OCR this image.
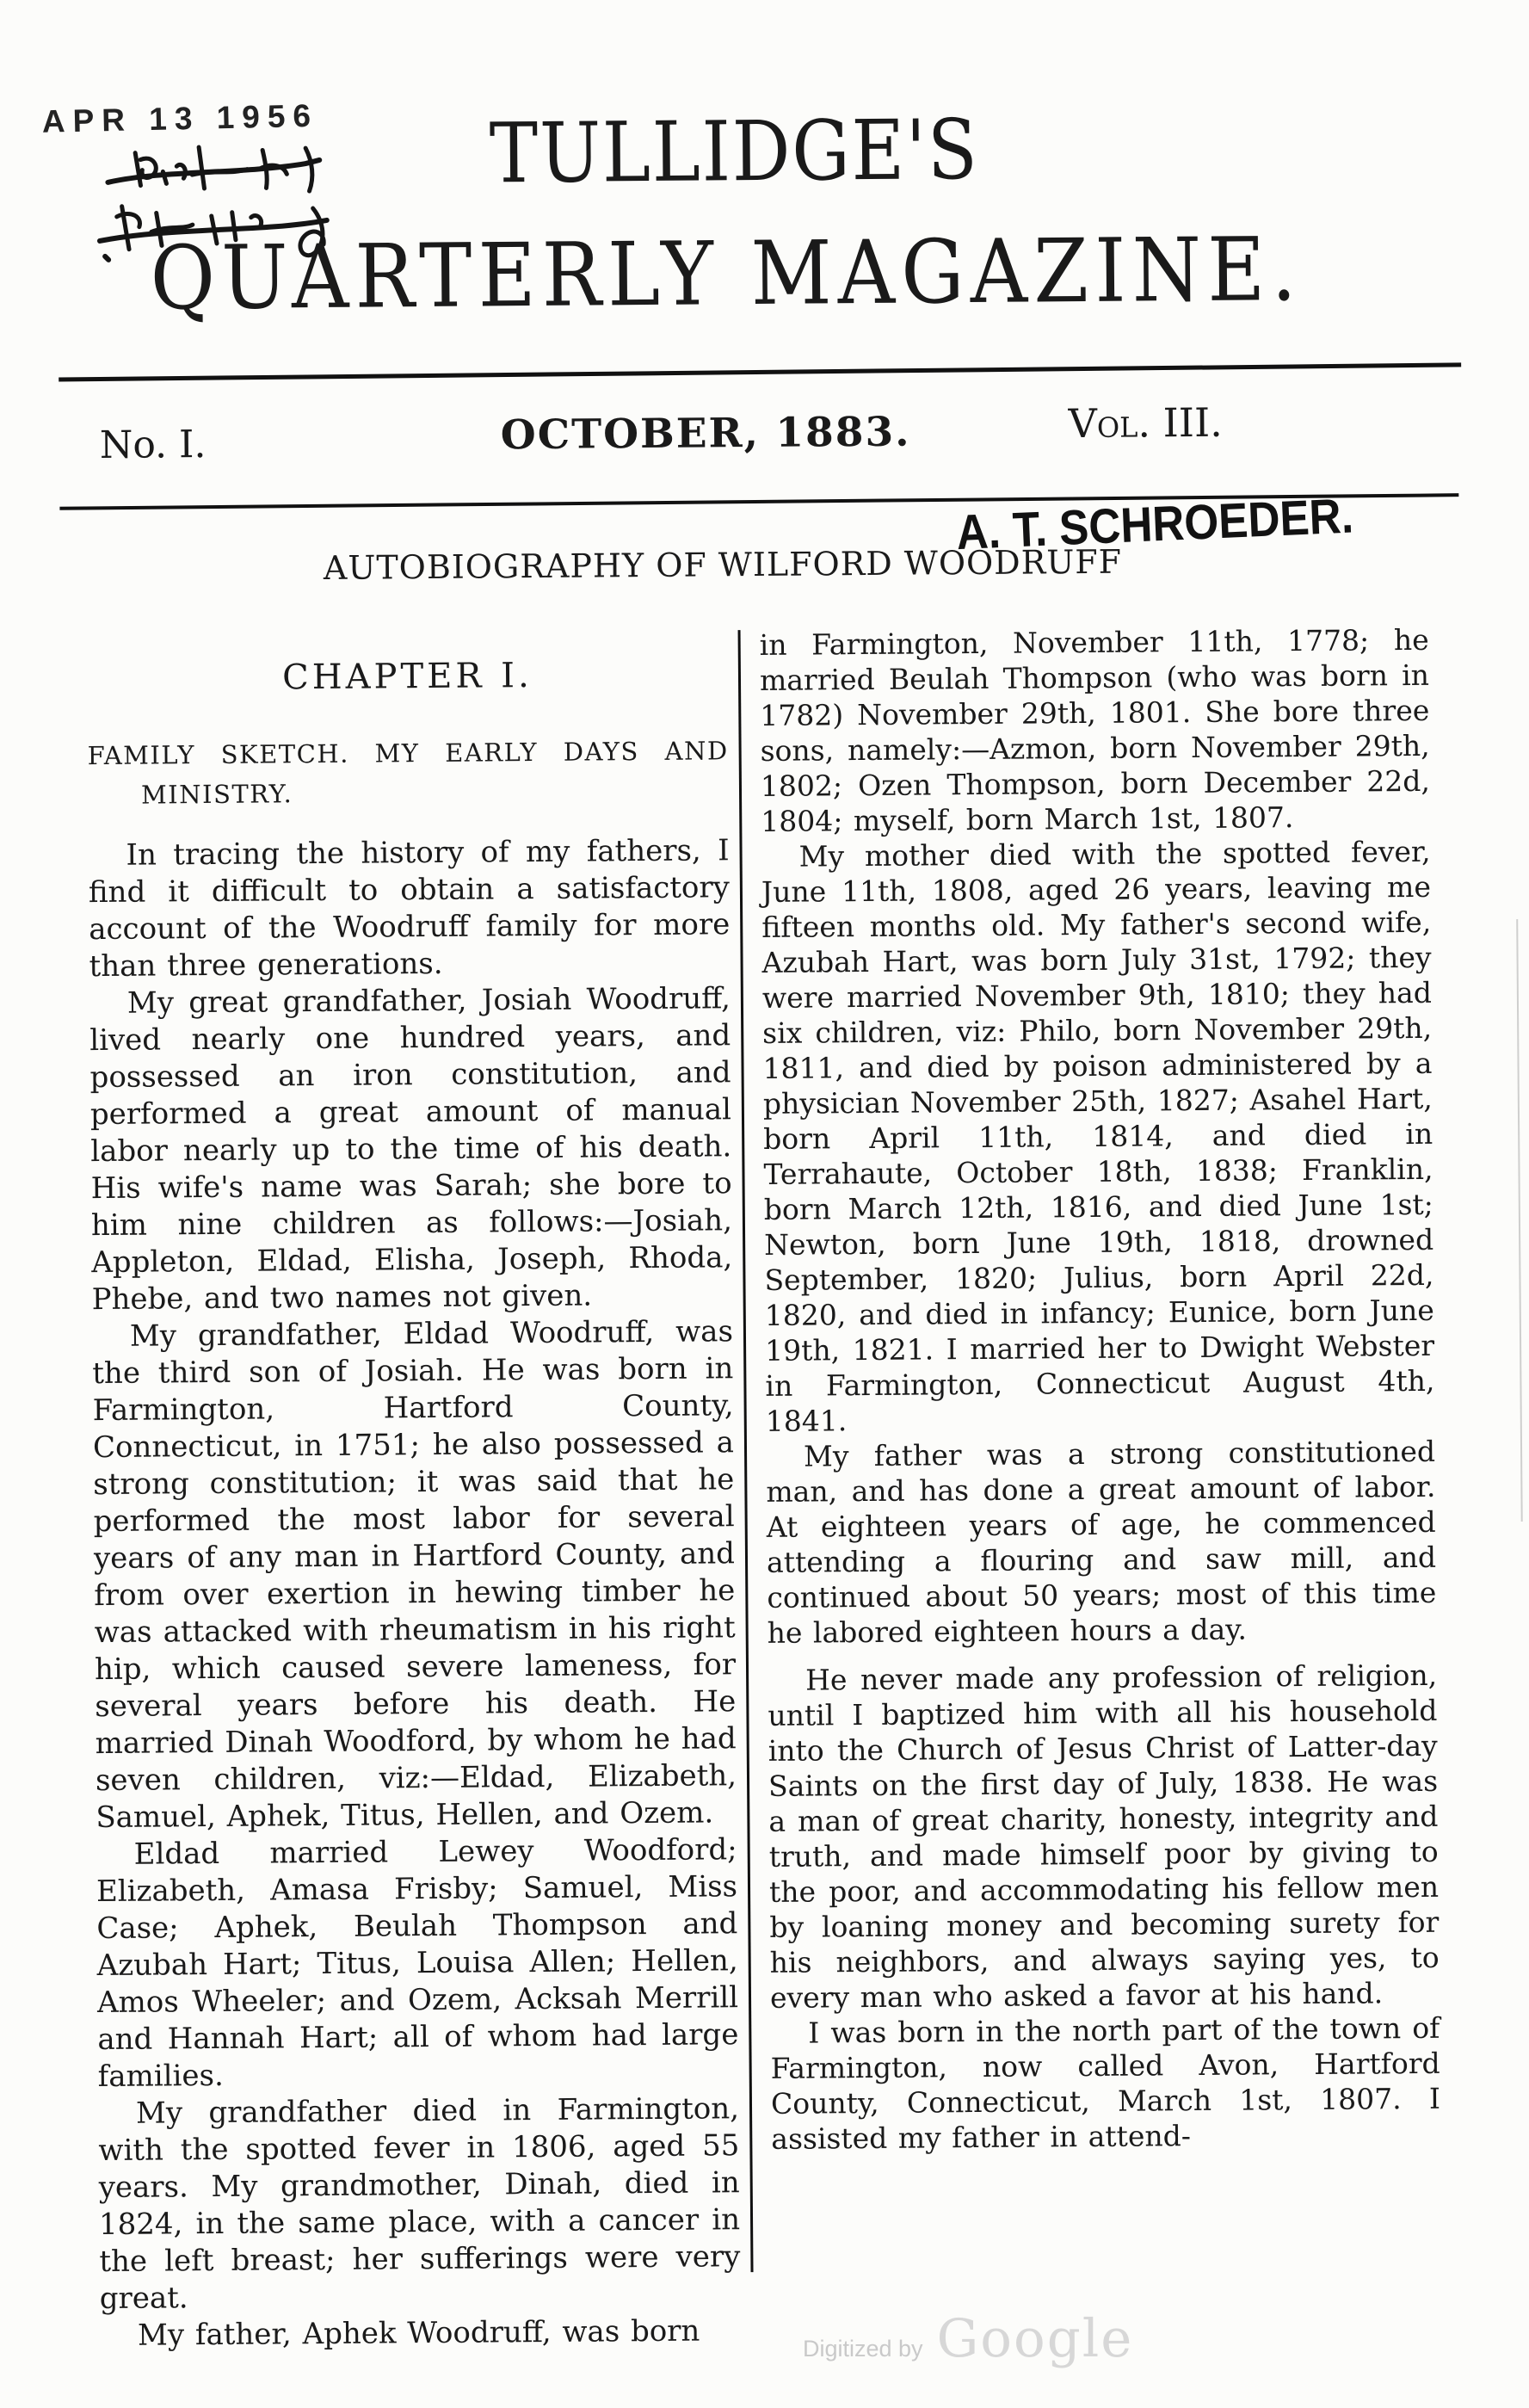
APR 13 1956	TULLIDGE'S
QUARTERLY MAGAZINE.
No. I.	OCTOBER, 1883.	Vol. III.
AUTOBIOGRAPHY OF WILFORD WOODRUFF
A. T. SCHROEDER.
CHAPTER I.
FAMILY SKETCH. MY EARLY DAYS AND
MINISTRY.

In tracing the history of my fathers, I find it difficult to obtain a satisfactory account of the Woodruff family for more than three generations.

My great grandfather, Josiah Woodruff, lived nearly one hundred years, and possessed an iron constitution, and performed a great amount of manual labor nearly up to the time of his death. His wife's name was Sarah; she bore to him nine children as follows:—Josiah, Appleton, Eldad, Elisha, Joseph, Rhoda, Phebe, and two names not given.

My grandfather, Eldad Woodruff, was the third son of Josiah. He was born in Farmington, Hartford County, Connecticut, in 1751; he also possessed a strong constitution; it was said that he performed the most labor for several years of any man in Hartford County, and from over exertion in hewing timber he was attacked with rheumatism in his right hip, which caused severe lameness, for several years before his death. He married Dinah Woodford, by whom he had seven children, viz:—Eldad, Elizabeth, Samuel, Aphek, Titus, Hellen, and Ozem.

Eldad married Lewey Woodford; Elizabeth, Amasa Frisby; Samuel, Miss Case; Aphek, Beulah Thompson and Azubah Hart; Titus, Louisa Allen; Hellen, Amos Wheeler; and Ozem, Acksah Merrill and Hannah Hart; all of whom had large families.

My grandfather died in Farmington, with the spotted fever in 1806, aged 55 years. My grandmother, Dinah, died in 1824, in the same place, with a cancer in the left breast; her sufferings were very great.

My father, Aphek Woodruff, was born

in Farmington, November 11th, 1778; he married Beulah Thompson (who was born in 1782) November 29th, 1801. She bore three sons, namely:—Azmon, born November 29th, 1802; Ozen Thompson, born December 22d, 1804; myself, born March 1st, 1807.

My mother died with the spotted fever, June 11th, 1808, aged 26 years, leaving me fifteen months old. My father's second wife, Azubah Hart, was born July 31st, 1792; they were married November 9th, 1810; they had six children, viz: Philo, born November 29th, 1811, and died by poison administered by a physician November 25th, 1827; Asahel Hart, born April 11th, 1814, and died in Terrahaute, October 18th, 1838; Franklin, born March 12th, 1816, and died June 1st; Newton, born June 19th, 1818, drowned September, 1820; Julius, born April 22d, 1820, and died in infancy; Eunice, born June 19th, 1821. I married her to Dwight Webster in Farmington, Connecticut August 4th, 1841.

My father was a strong constitutioned man, and has done a great amount of labor. At eighteen years of age, he commenced attending a flouring and saw mill, and continued about 50 years; most of this time he labored eighteen hours a day.

He never made any profession of religion, until I baptized him with all his household into the Church of Jesus Christ of Latter-day Saints on the first day of July, 1838. He was a man of great charity, honesty, integrity and truth, and made himself poor by giving to the poor, and accommodating his fellow men by loaning money and becoming surety for his neighbors, and always saying yes, to every man who asked a favor at his hand.

I was born in the north part of the town of Farmington, now called Avon, Hartford County, Connecticut, March 1st, 1807. I assisted my father in attend-

Digitized by Google
